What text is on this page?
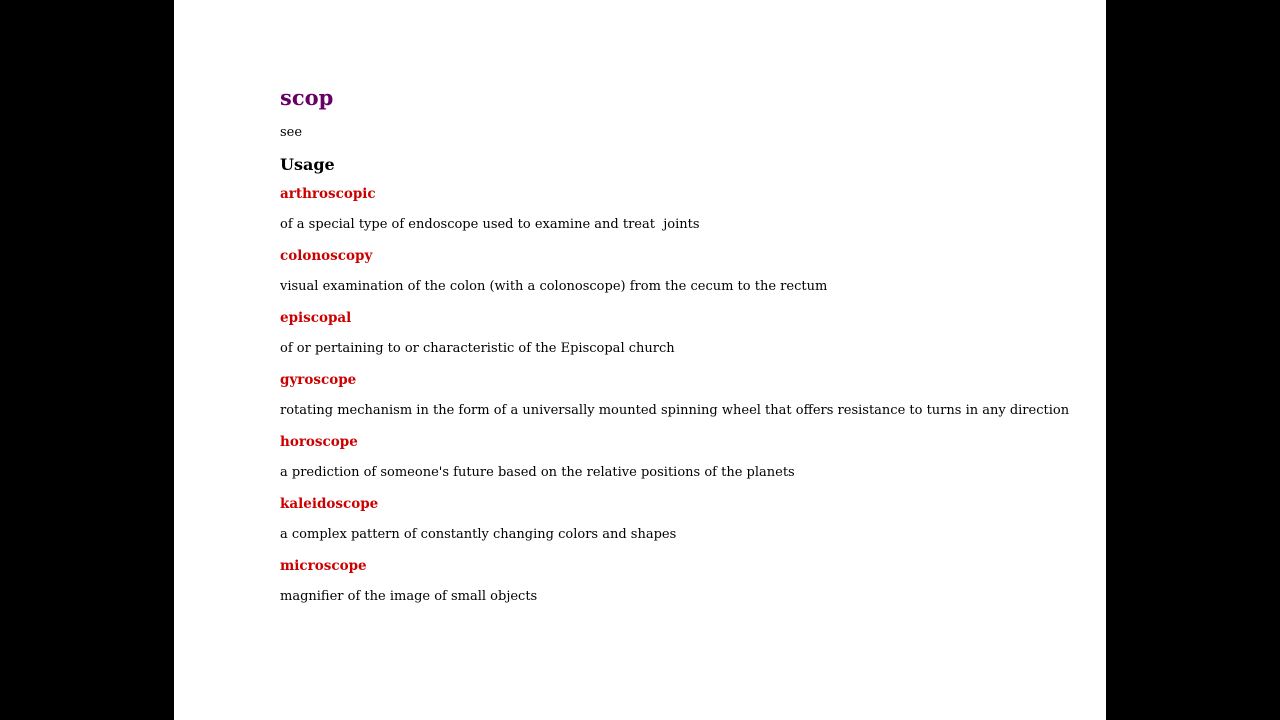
scop
see
Usage
arthroscopic
of a special type of endoscope used to examine and treat  joints
colonoscopy
visual examination of the colon (with a colonoscope) from the cecum to the rectum
episcopal
of or pertaining to or characteristic of the Episcopal church
gyroscope
rotating mechanism in the form of a universally mounted spinning wheel that offers resistance to turns in any direction
horoscope
a prediction of someone's future based on the relative positions of the planets
kaleidoscope
a complex pattern of constantly changing colors and shapes
microscope
magnifier of the image of small objects
